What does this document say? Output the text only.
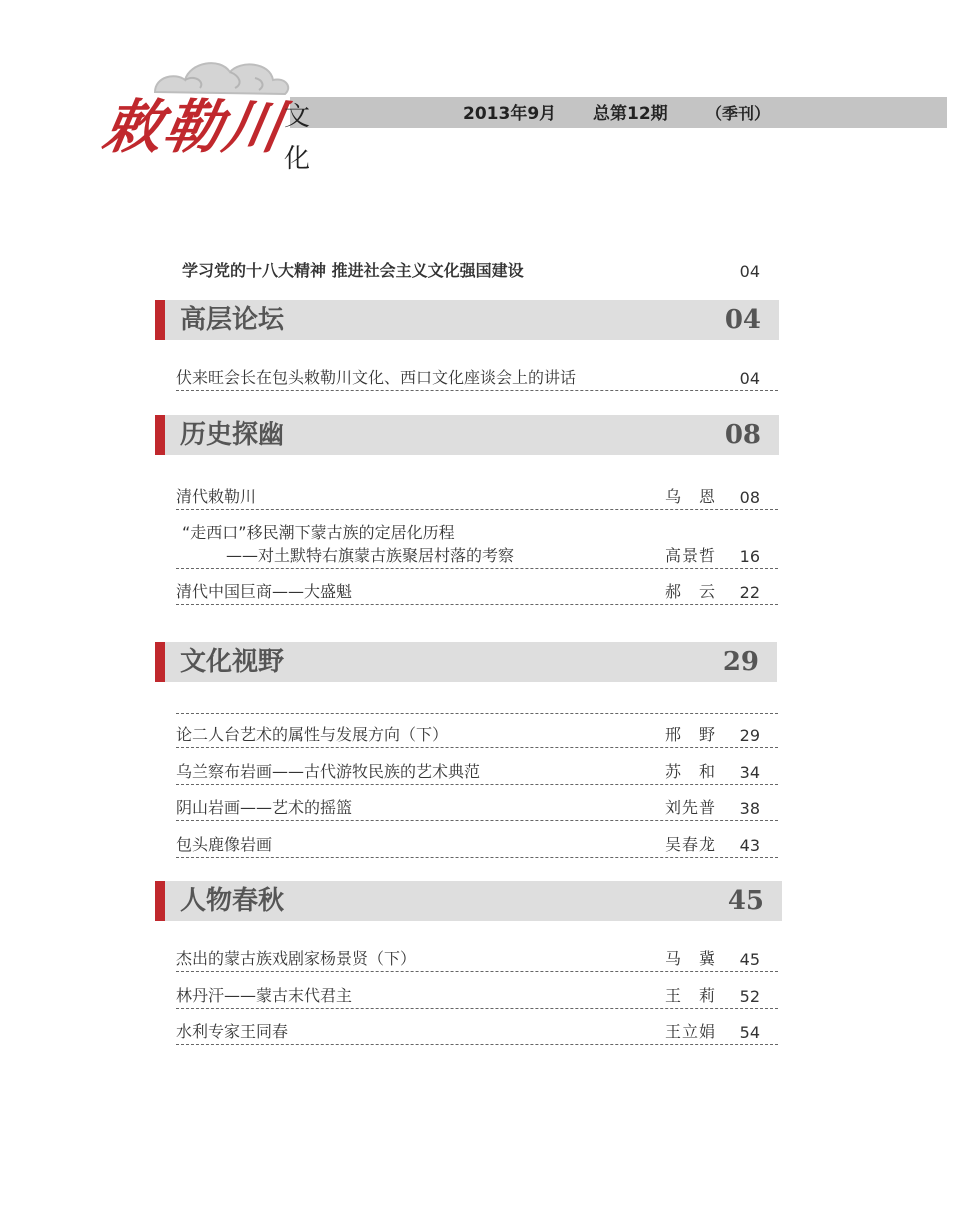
敕勒川
文
化
2013年9月 总第12期 （季刊）
学习党的十八大精神 推进社会主义文化强国建设	04
高层论坛	04
伏来旺会长在包头敕勒川文化、西口文化座谈会上的讲话	04
历史探幽	08
清代敕勒川	乌　恩 08
“走西口”移民潮下蒙古族的定居化历程
——对土默特右旗蒙古族聚居村落的考察	高景哲 16
清代中国巨商——大盛魁	郝　云 22
文化视野	29
论二人台艺术的属性与发展方向（下）	邢　野 29
乌兰察布岩画——古代游牧民族的艺术典范	苏　和 34
阴山岩画——艺术的摇篮	刘先普 38
包头鹿像岩画	吴春龙 43
人物春秋	45
杰出的蒙古族戏剧家杨景贤（下）	马　冀 45
林丹汗——蒙古末代君主	王　莉 52
水利专家王同春	王立娟 54
